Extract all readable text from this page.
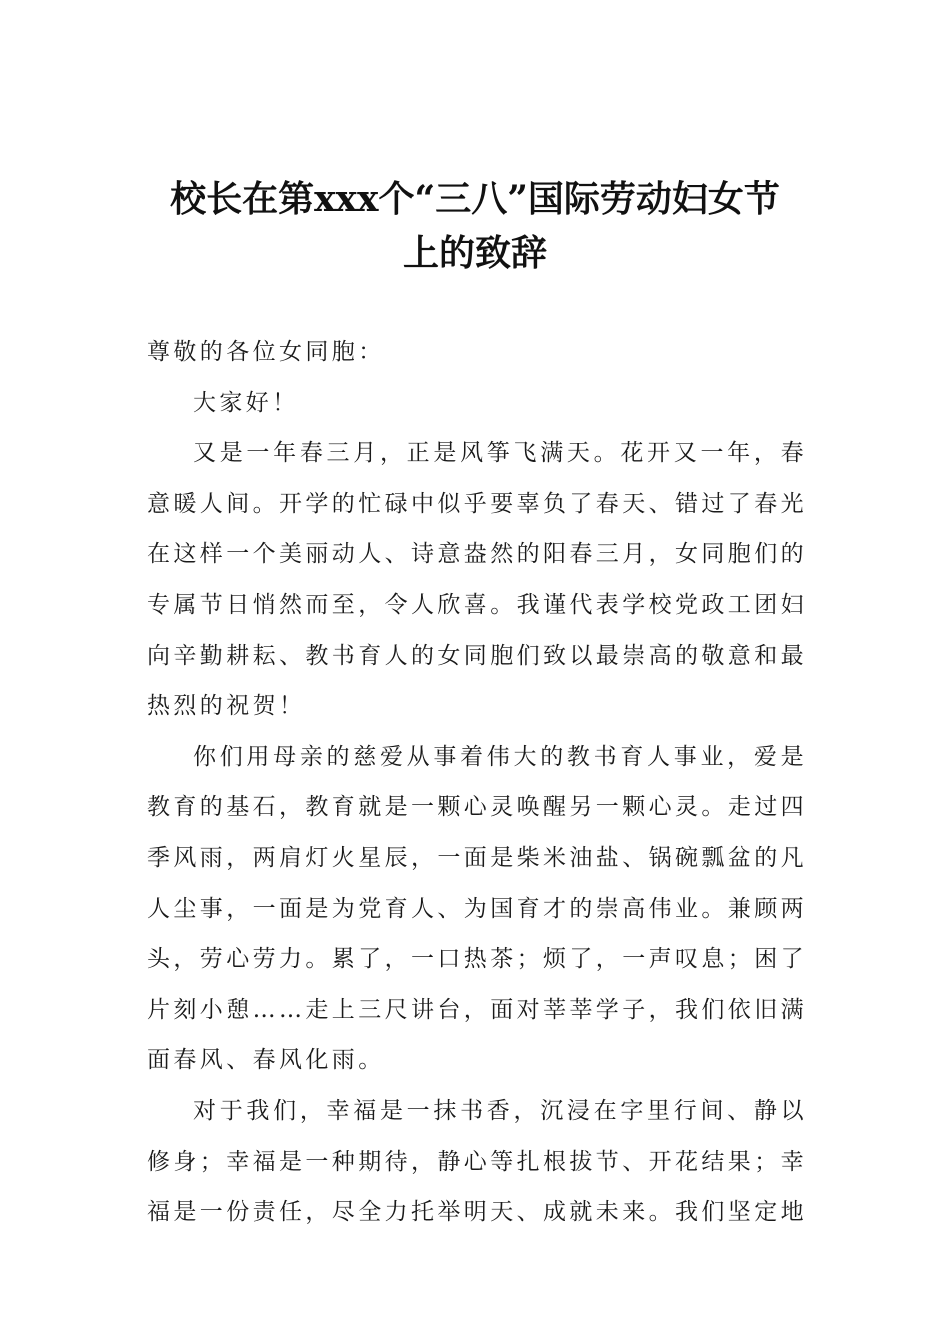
校长在第xxx个“三八”国际劳动妇女节
上的致辞

尊敬的各位女同胞：

大家好！

又是一年春三月，正是风筝飞满天。花开又一年，春意暖人间。开学的忙碌中似乎要辜负了春天、错过了春光在这样一个美丽动人、诗意盎然的阳春三月，女同胞们的专属节日悄然而至，令人欣喜。我谨代表学校党政工团妇向辛勤耕耘、教书育人的女同胞们致以最崇高的敬意和最热烈的祝贺！

你们用母亲的慈爱从事着伟大的教书育人事业，爱是教育的基石，教育就是一颗心灵唤醒另一颗心灵。走过四季风雨，两肩灯火星辰，一面是柴米油盐、锅碗瓢盆的凡人尘事，一面是为党育人、为国育才的崇高伟业。兼顾两头，劳心劳力。累了，一口热茶；烦了，一声叹息；困了片刻小憩……走上三尺讲台，面对莘莘学子，我们依旧满面春风、春风化雨。

对于我们，幸福是一抹书香，沉浸在字里行间、静以修身；幸福是一种期待，静心等扎根拔节、开花结果；幸福是一份责任，尽全力托举明天、成就未来。我们坚定地
